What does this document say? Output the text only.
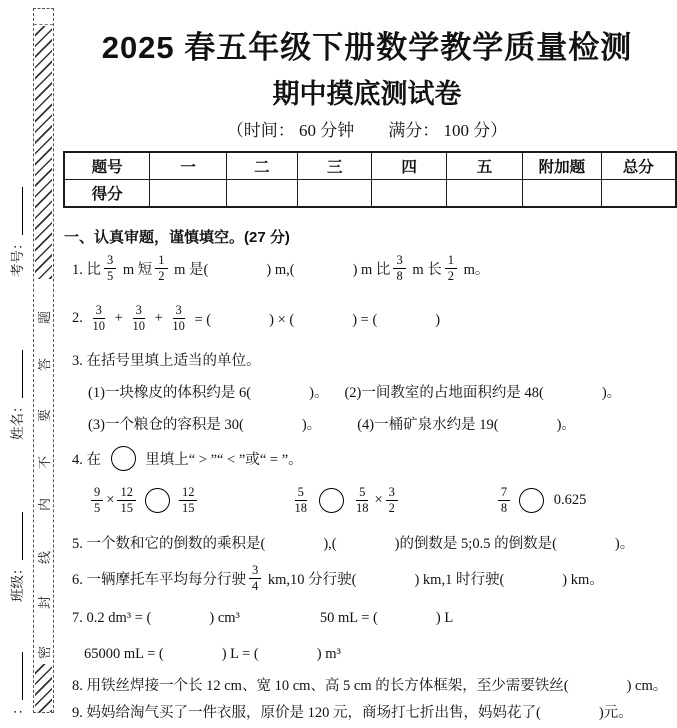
题
答
要
不
内
线
封
密
考号：
姓名：
班级：
：
2025 春五年级下册数学教学质量检测
期中摸底测试卷
（时间： 60 分钟　　满分： 100 分）
题号	一	二	三	四	五	附加题	总分
得分							
一、认真审题，谨慎填空。(27 分)
1. 比 $\frac{3}{5}$ m 短 $\frac{1}{2}$ m 是(　　　　) m,(　　　　) m 比 $\frac{3}{8}$ m 长 $\frac{1}{2}$ m。
2. $\frac{3}{10} + \frac{3}{10} + \frac{3}{10}$ = (　　　　) × (　　　　) = (　　　　)
3. 在括号里填上适当的单位。
(1)一块橡皮的体积约是 6(　　　　)。 (2)一间教室的占地面积约是 48(　　　　)。
(3)一个粮仓的容积是 30(　　　　)。 (4)一桶矿泉水约是 19(　　　　)。
4. 在	里填上“ > ”“ < ”或“ = ”。
$\frac{9}{5} \times \frac{12}{15}$	$\frac{12}{15}$	$\frac{5}{18}$	$\frac{5}{18} \times \frac{3}{2}$	$\frac{7}{8}$	0.625
5. 一个数和它的倒数的乘积是(　　　　),(　　　　)的倒数是 5;0.5 的倒数是(　　　　)。
6. 一辆摩托车平均每分行驶 $\frac{3}{4} km,10$ 分行驶(　　　　) km,1 时行驶(　　　　) km。
7. 0.2 dm³ = (　　　　) cm³	50 mL = (　　　　) L
65000 mL = (　　　　) L = (　　　　) m³
8. 用铁丝焊接一个长 12 cm、宽 10 cm、高 5 cm 的长方体框架，至少需要铁丝(　　　　) cm。
9. 妈妈给淘气买了一件衣服，原价是 120 元，商场打七折出售，妈妈花了(　　　　)元。
